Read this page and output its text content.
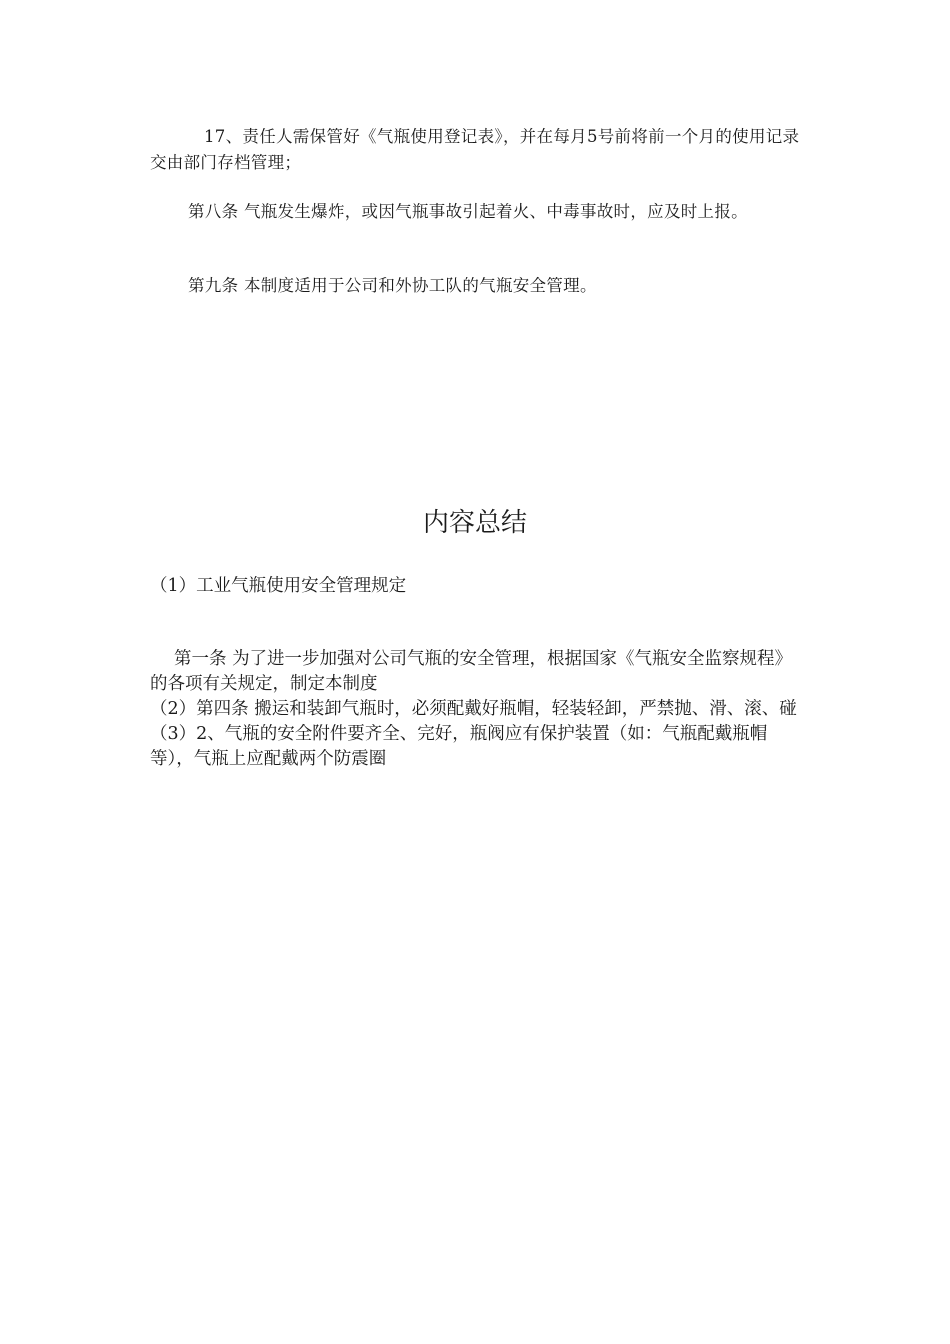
17、责任人需保管好《气瓶使用登记表》，并在每月5号前将前一个月的使用记录交由部门存档管理；

第八条 气瓶发生爆炸，或因气瓶事故引起着火、中毒事故时，应及时上报。

第九条 本制度适用于公司和外协工队的气瓶安全管理。

内容总结

（1）工业气瓶使用安全管理规定

第一条 为了进一步加强对公司气瓶的安全管理，根据国家《气瓶安全监察规程》的各项有关规定，制定本制度

（2）第四条 搬运和装卸气瓶时，必须配戴好瓶帽，轻装轻卸，严禁抛、滑、滚、碰

（3）2、气瓶的安全附件要齐全、完好，瓶阀应有保护装置（如：气瓶配戴瓶帽等），气瓶上应配戴两个防震圈
